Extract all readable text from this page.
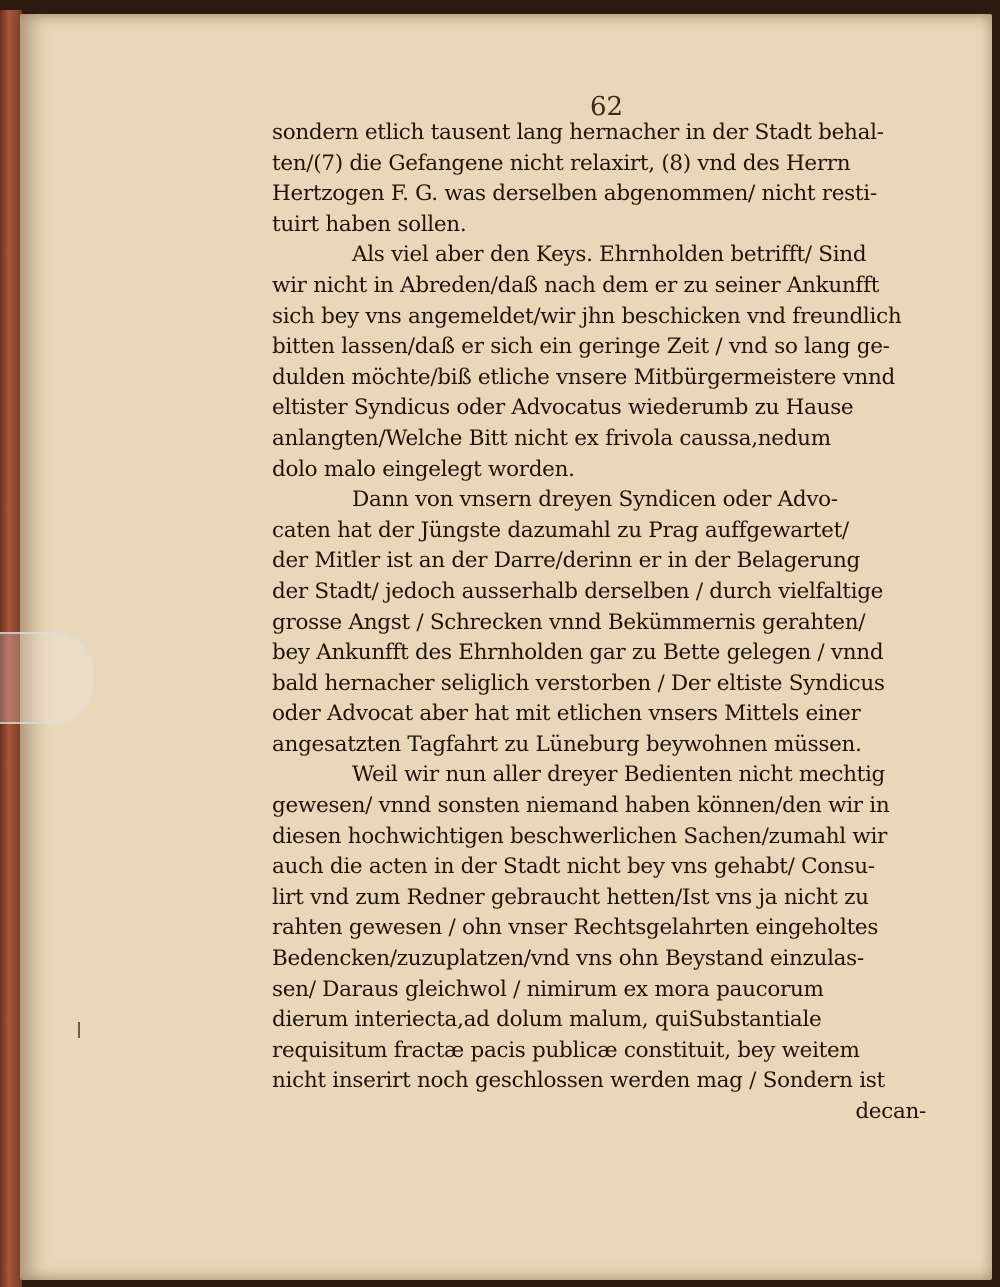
62
sondern etlich tausent lang hernacher in der Stadt behal-
ten/(7) die Gefangene nicht relaxirt, (8) vnd des Herrn
Hertzogen F. G. was derselben abgenommen/ nicht resti-
tuirt haben sollen.
Als viel aber den Keys. Ehrnholden betrifft/ Sind
wir nicht in Abreden/daß nach dem er zu seiner Ankunfft
sich bey vns angemeldet/wir jhn beschicken vnd freundlich
bitten lassen/daß er sich ein geringe Zeit / vnd so lang ge-
dulden möchte/biß etliche vnsere Mitbürgermeistere vnnd
eltister Syndicus oder Advocatus wiederumb zu Hause
anlangten/Welche Bitt nicht ex frivola caussa,nedum
dolo malo eingelegt worden.
Dann von vnsern dreyen Syndicen oder Advo-
caten hat der Jüngste dazumahl zu Prag auffgewartet/
der Mitler ist an der Darre/derinn er in der Belagerung
der Stadt/ jedoch ausserhalb derselben / durch vielfaltige
grosse Angst / Schrecken vnnd Bekümmernis gerahten/
bey Ankunfft des Ehrnholden gar zu Bette gelegen / vnnd
bald hernacher seliglich verstorben / Der eltiste Syndicus
oder Advocat aber hat mit etlichen vnsers Mittels einer
angesatzten Tagfahrt zu Lüneburg beywohnen müssen.
Weil wir nun aller dreyer Bedienten nicht mechtig
gewesen/ vnnd sonsten niemand haben können/den wir in
diesen hochwichtigen beschwerlichen Sachen/zumahl wir
auch die acten in der Stadt nicht bey vns gehabt/ Consu-
lirt vnd zum Redner gebraucht hetten/Ist vns ja nicht zu
rahten gewesen / ohn vnser Rechtsgelahrten eingeholtes
Bedencken/zuzuplatzen/vnd vns ohn Beystand einzulas-
sen/ Daraus gleichwol / nimirum ex mora paucorum
dierum interiecta,ad dolum malum, quiSubstantiale
requisitum fractæ pacis publicæ constituit, bey weitem
nicht inserirt noch geschlossen werden mag / Sondern ist
decan-
